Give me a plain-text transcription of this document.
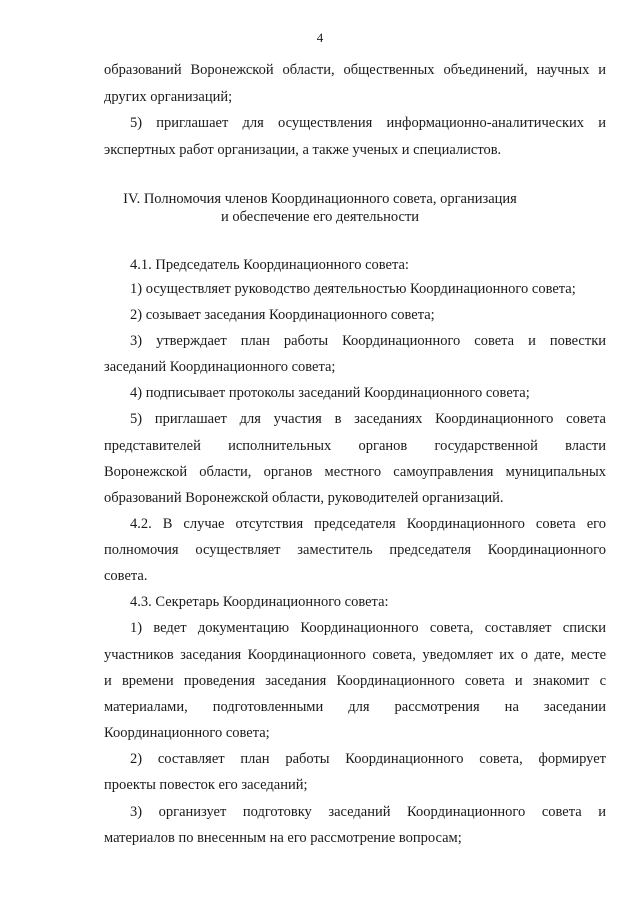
4
образований Воронежской области, общественных объединений, научных и
других организаций;
5) приглашает для осуществления информационно-аналитических и
экспертных работ организации, а также ученых и специалистов.
IV. Полномочия членов Координационного совета, организация
и обеспечение его деятельности
4.1. Председатель Координационного совета:
1) осуществляет руководство деятельностью Координационного совета;
2) созывает заседания Координационного совета;
3) утверждает план работы Координационного совета и повестки
заседаний Координационного совета;
4) подписывает протоколы заседаний Координационного совета;
5) приглашает для участия в заседаниях Координационного совета
представителей исполнительных органов государственной власти
Воронежской области, органов местного самоуправления муниципальных
образований Воронежской области, руководителей организаций.
4.2. В случае отсутствия председателя Координационного совета его
полномочия осуществляет заместитель председателя Координационного
совета.
4.3. Секретарь Координационного совета:
1) ведет документацию Координационного совета, составляет списки
участников заседания Координационного совета, уведомляет их о дате, месте
и времени проведения заседания Координационного совета и знакомит с
материалами, подготовленными для рассмотрения на заседании
Координационного совета;
2) составляет план работы Координационного совета, формирует
проекты повесток его заседаний;
3) организует подготовку заседаний Координационного совета и
материалов по внесенным на его рассмотрение вопросам;
